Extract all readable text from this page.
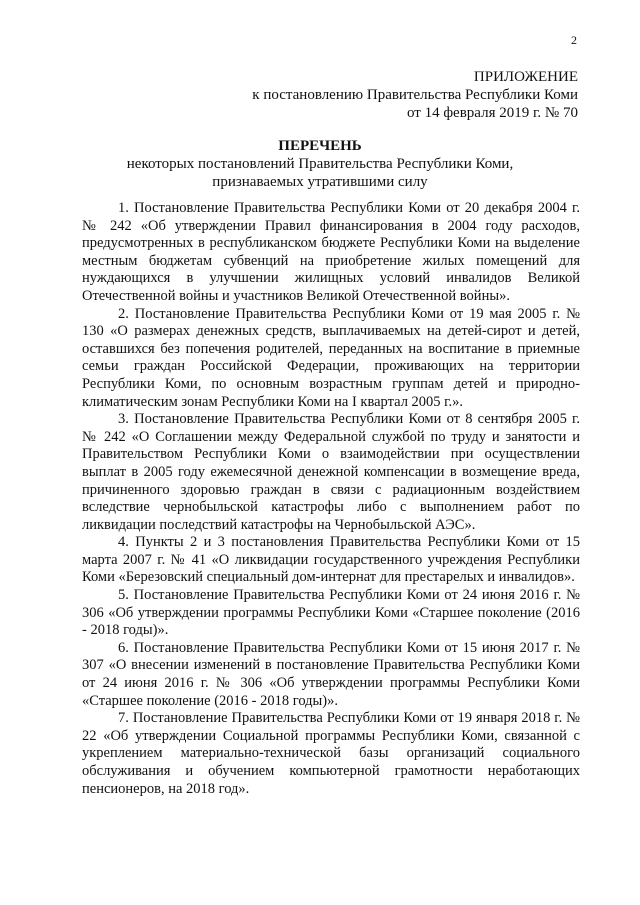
2
ПРИЛОЖЕНИЕ
к постановлению Правительства Республики Коми
от 14 февраля 2019 г. № 70
ПЕРЕЧЕНЬ
некоторых постановлений Правительства Республики Коми,
признаваемых утратившими силу

1. Постановление Правительства Республики Коми от 20 декабря 2004 г. № 242 «Об утверждении Правил финансирования в 2004 году расходов, предусмотренных в республиканском бюджете Республики Коми на выделение местным бюджетам субвенций на приобретение жилых помещений для нуждающихся в улучшении жилищных условий инвалидов Великой Отечественной войны и участников Великой Отечественной войны».

2. Постановление Правительства Республики Коми от 19 мая 2005 г. № 130 «О размерах денежных средств, выплачиваемых на детей-сирот и детей, оставшихся без попечения родителей, переданных на воспитание в приемные семьи граждан Российской Федерации, проживающих на территории Республики Коми, по основным возрастным группам детей и природно-климатическим зонам Республики Коми на I квартал 2005 г.».

3. Постановление Правительства Республики Коми от 8 сентября 2005 г. № 242 «О Соглашении между Федеральной службой по труду и занятости и Правительством Республики Коми о взаимодействии при осуществлении выплат в 2005 году ежемесячной денежной компенсации в возмещение вреда, причиненного здоровью граждан в связи с радиационным воздействием вследствие чернобыльской катастрофы либо с выполнением работ по ликвидации последствий катастрофы на Чернобыльской АЭС».

4. Пункты 2 и 3 постановления Правительства Республики Коми от 15 марта 2007 г. № 41 «О ликвидации государственного учреждения Республики Коми «Березовский специальный дом-интернат для престарелых и инвалидов».

5. Постановление Правительства Республики Коми от 24 июня 2016 г. № 306 «Об утверждении программы Республики Коми «Старшее поколение (2016 - 2018 годы)».

6. Постановление Правительства Республики Коми от 15 июня 2017 г. № 307 «О внесении изменений в постановление Правительства Республики Коми от 24 июня 2016 г. № 306 «Об утверждении программы Республики Коми «Старшее поколение (2016 - 2018 годы)».

7. Постановление Правительства Республики Коми от 19 января 2018 г. № 22 «Об утверждении Социальной программы Республики Коми, связанной с укреплением материально-технической базы организаций социального обслуживания и обучением компьютерной грамотности неработающих пенсионеров, на 2018 год».
